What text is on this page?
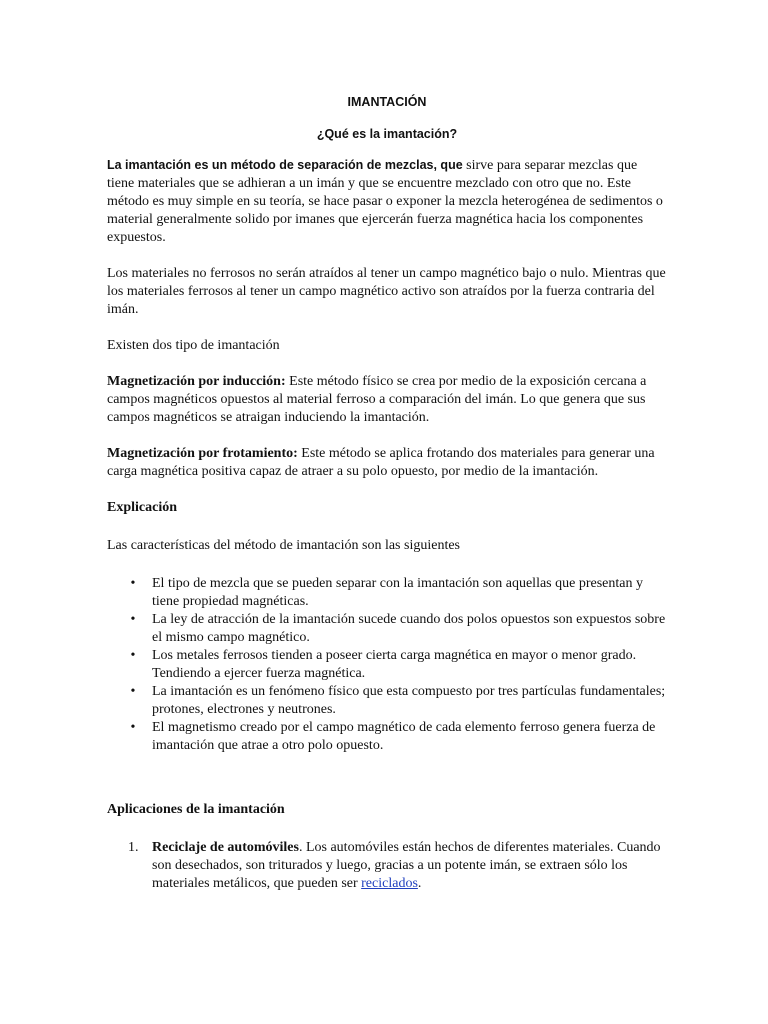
IMANTACIÓN

¿Qué es la imantación?

La imantación es un método de separación de mezclas, que sirve para separar mezclas que tiene materiales que se adhieran a un imán y que se encuentre mezclado con otro que no. Este método es muy simple en su teoría, se hace pasar o exponer la mezcla heterogénea de sedimentos o material generalmente solido por imanes que ejercerán fuerza magnética hacia los componentes expuestos.

Los materiales no ferrosos no serán atraídos al tener un campo magnético bajo o nulo. Mientras que los materiales ferrosos al tener un campo magnético activo son atraídos por la fuerza contraria del imán.

Existen dos tipo de imantación

Magnetización por inducción: Este método físico se crea por medio de la exposición cercana a campos magnéticos opuestos al material ferroso a comparación del imán. Lo que genera que sus campos magnéticos se atraigan induciendo la imantación.

Magnetización por frotamiento: Este método se aplica frotando dos materiales para generar una carga magnética positiva capaz de atraer a su polo opuesto, por medio de la imantación.

Explicación

Las características del método de imantación son las siguientes

• El tipo de mezcla que se pueden separar con la imantación son aquellas que presentan y tiene propiedad magnéticas.
• La ley de atracción de la imantación sucede cuando dos polos opuestos son expuestos sobre el mismo campo magnético.
• Los metales ferrosos tienden a poseer cierta carga magnética en mayor o menor grado. Tendiendo a ejercer fuerza magnética.
• La imantación es un fenómeno físico que esta compuesto por tres partículas fundamentales; protones, electrones y neutrones.
• El magnetismo creado por el campo magnético de cada elemento ferroso genera fuerza de imantación que atrae a otro polo opuesto.

Aplicaciones de la imantación

1. Reciclaje de automóviles. Los automóviles están hechos de diferentes materiales. Cuando son desechados, son triturados y luego, gracias a un potente imán, se extraen sólo los materiales metálicos, que pueden ser reciclados.
